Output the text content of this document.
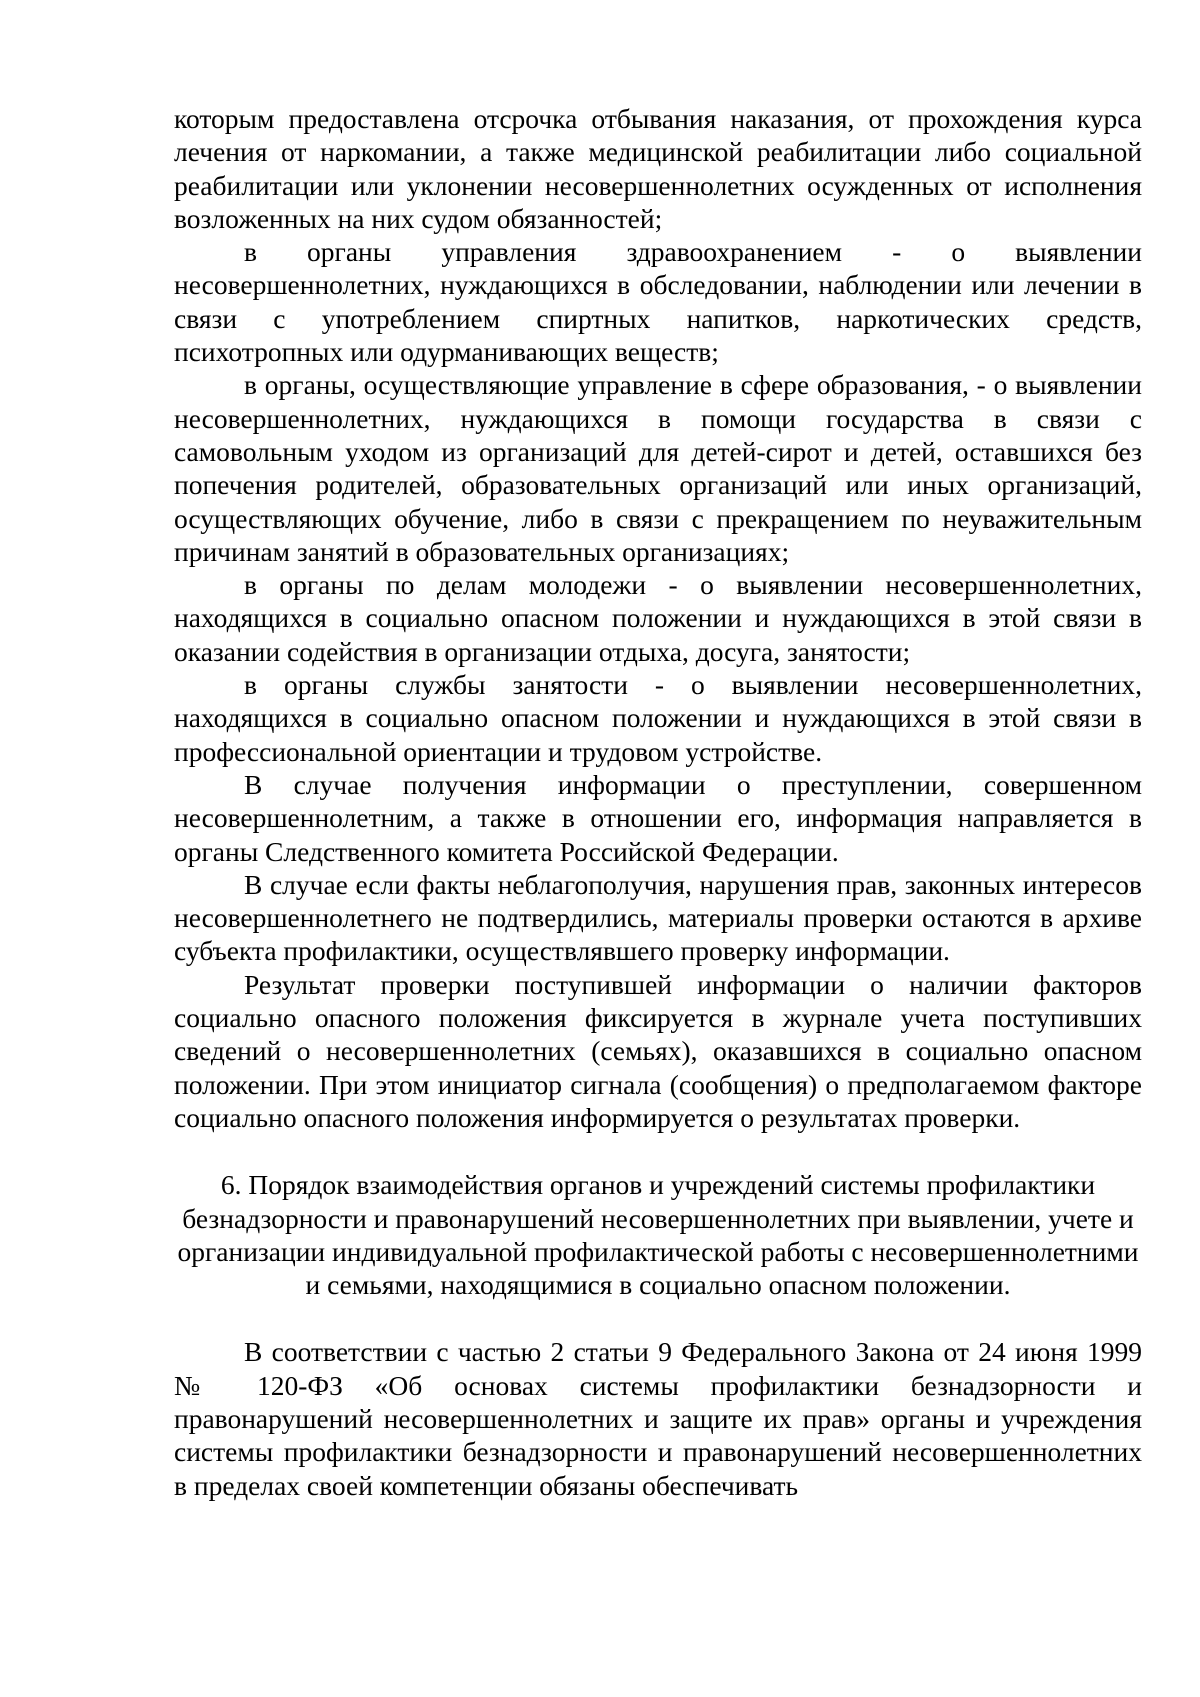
которым предоставлена отсрочка отбывания наказания, от прохождения курса лечения от наркомании, а также медицинской реабилитации либо социальной реабилитации или уклонении несовершеннолетних осужденных от исполнения возложенных на них судом обязанностей;

в органы управления здравоохранением - о выявлении несовершеннолетних, нуждающихся в обследовании, наблюдении или лечении в связи с употреблением спиртных напитков, наркотических средств, психотропных или одурманивающих веществ;

в органы, осуществляющие управление в сфере образования, - о выявлении несовершеннолетних, нуждающихся в помощи государства в связи с самовольным уходом из организаций для детей-сирот и детей, оставшихся без попечения родителей, образовательных организаций или иных организаций, осуществляющих обучение, либо в связи с прекращением по неуважительным причинам занятий в образовательных организациях;

в органы по делам молодежи - о выявлении несовершеннолетних, находящихся в социально опасном положении и нуждающихся в этой связи в оказании содействия в организации отдыха, досуга, занятости;

в органы службы занятости - о выявлении несовершеннолетних, находящихся в социально опасном положении и нуждающихся в этой связи в профессиональной ориентации и трудовом устройстве.

В случае получения информации о преступлении, совершенном несовершеннолетним, а также в отношении его, информация направляется в органы Следственного комитета Российской Федерации.

В случае если факты неблагополучия, нарушения прав, законных интересов несовершеннолетнего не подтвердились, материалы проверки остаются в архиве субъекта профилактики, осуществлявшего проверку информации.

Результат проверки поступившей информации о наличии факторов социально опасного положения фиксируется в журнале учета поступивших сведений о несовершеннолетних (семьях), оказавшихся в социально опасном положении. При этом инициатор сигнала (сообщения) о предполагаемом факторе социально опасного положения информируется о результатах проверки.

6. Порядок взаимодействия органов и учреждений системы профилактики безнадзорности и правонарушений несовершеннолетних при выявлении, учете и организации индивидуальной профилактической работы с несовершеннолетними и семьями, находящимися в социально опасном положении.

В соответствии с частью 2 статьи 9 Федерального Закона от 24 июня 1999 № 120-ФЗ «Об основах системы профилактики безнадзорности и правонарушений несовершеннолетних и защите их прав» органы и учреждения системы профилактики безнадзорности и правонарушений несовершеннолетних в пределах своей компетенции обязаны обеспечивать
